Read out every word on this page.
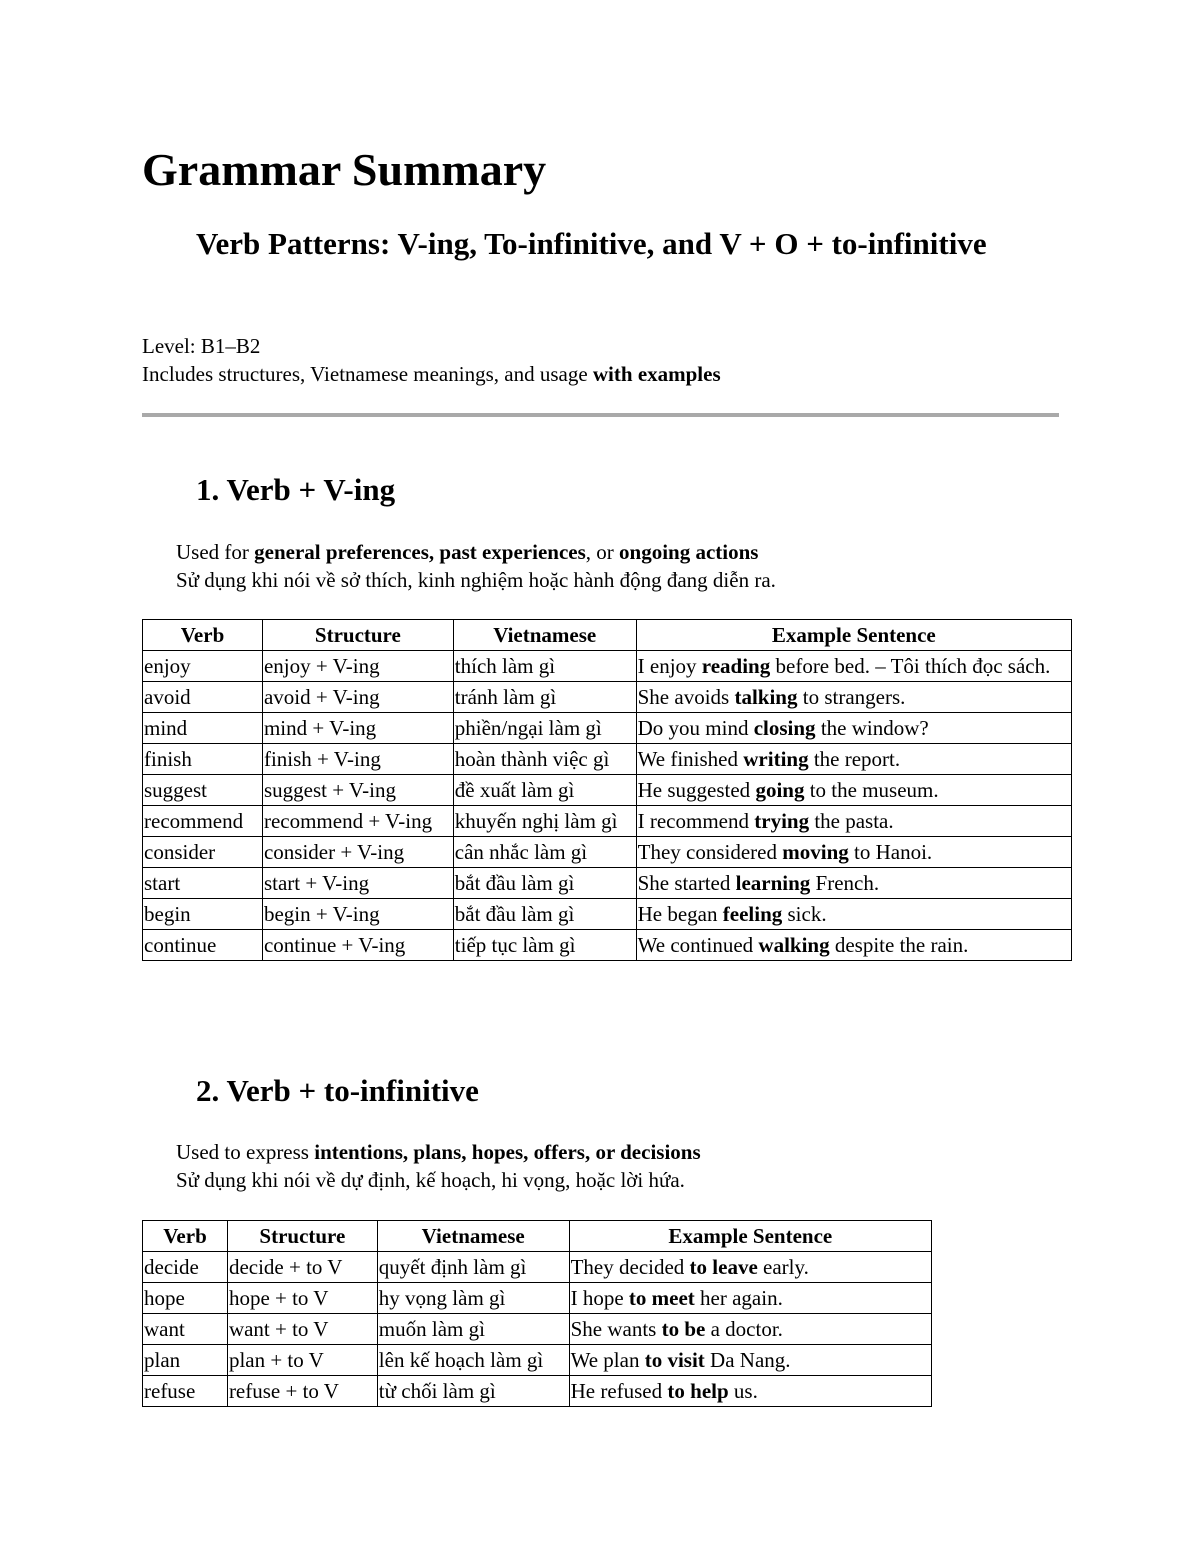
Grammar Summary
Verb Patterns: V-ing, To-infinitive, and V + O + to-infinitive

Level: B1–B2

Includes structures, Vietnamese meanings, and usage with examples

1. Verb + V-ing

Used for general preferences, past experiences, or ongoing actions

Sử dụng khi nói về sở thích, kinh nghiệm hoặc hành động đang diễn ra.

Verb	Structure	Vietnamese	Example Sentence
enjoy	enjoy + V-ing	thích làm gì	I enjoy reading before bed. – Tôi thích đọc sách.
avoid	avoid + V-ing	tránh làm gì	She avoids talking to strangers.
mind	mind + V-ing	phiền/ngại làm gì	Do you mind closing the window?
finish	finish + V-ing	hoàn thành việc gì	We finished writing the report.
suggest	suggest + V-ing	đề xuất làm gì	He suggested going to the museum.
recommend	recommend + V-ing	khuyến nghị làm gì	I recommend trying the pasta.
consider	consider + V-ing	cân nhắc làm gì	They considered moving to Hanoi.
start	start + V-ing	bắt đầu làm gì	She started learning French.
begin	begin + V-ing	bắt đầu làm gì	He began feeling sick.
continue	continue + V-ing	tiếp tục làm gì	We continued walking despite the rain.
2. Verb + to-infinitive

Used to express intentions, plans, hopes, offers, or decisions

Sử dụng khi nói về dự định, kế hoạch, hi vọng, hoặc lời hứa.

Verb	Structure	Vietnamese	Example Sentence
decide	decide + to V	quyết định làm gì	They decided to leave early.
hope	hope + to V	hy vọng làm gì	I hope to meet her again.
want	want + to V	muốn làm gì	She wants to be a doctor.
plan	plan + to V	lên kế hoạch làm gì	We plan to visit Da Nang.
refuse	refuse + to V	từ chối làm gì	He refused to help us.
